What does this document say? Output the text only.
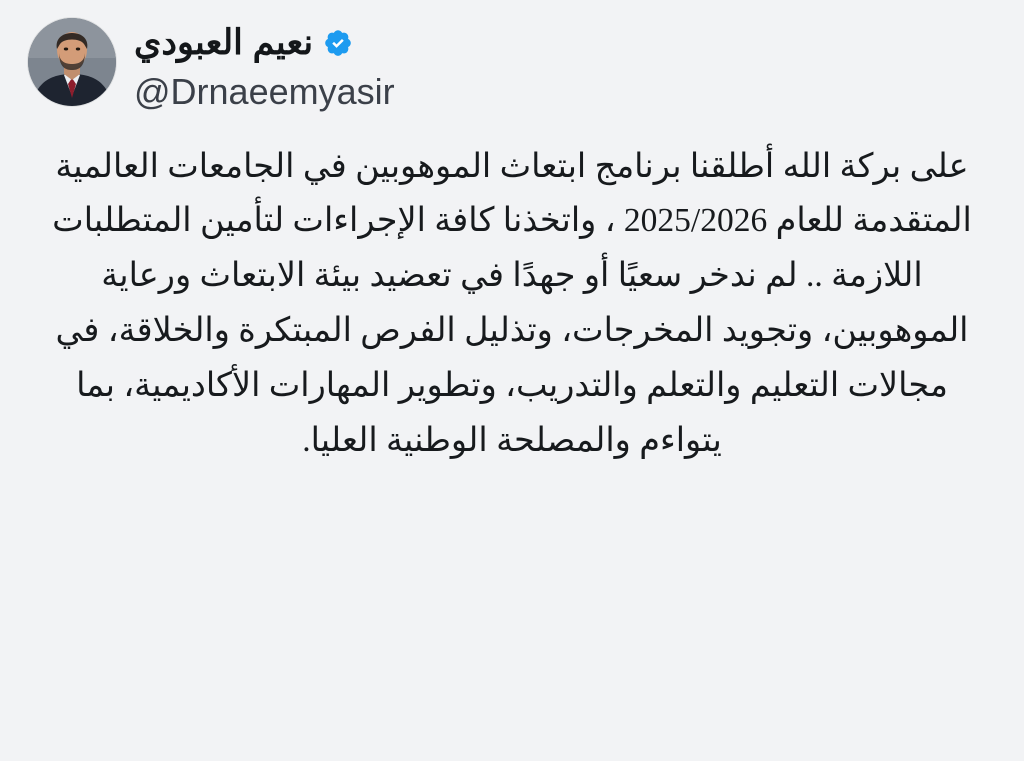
نعيم العبودي
@Drnaeemyasir
على بركة الله أطلقنا برنامج ابتعاث الموهوبين في الجامعات العالمية المتقدمة للعام 2025/2026 ، واتخذنا كافة الإجراءات لتأمين المتطلبات اللازمة .. لم ندخر سعيًا أو جهدًا في تعضيد بيئة الابتعاث ورعاية الموهوبين، وتجويد المخرجات، وتذليل الفرص المبتكرة والخلاقة، في مجالات التعليم والتعلم والتدريب، وتطوير المهارات الأكاديمية، بما يتواءم والمصلحة الوطنية العليا.
